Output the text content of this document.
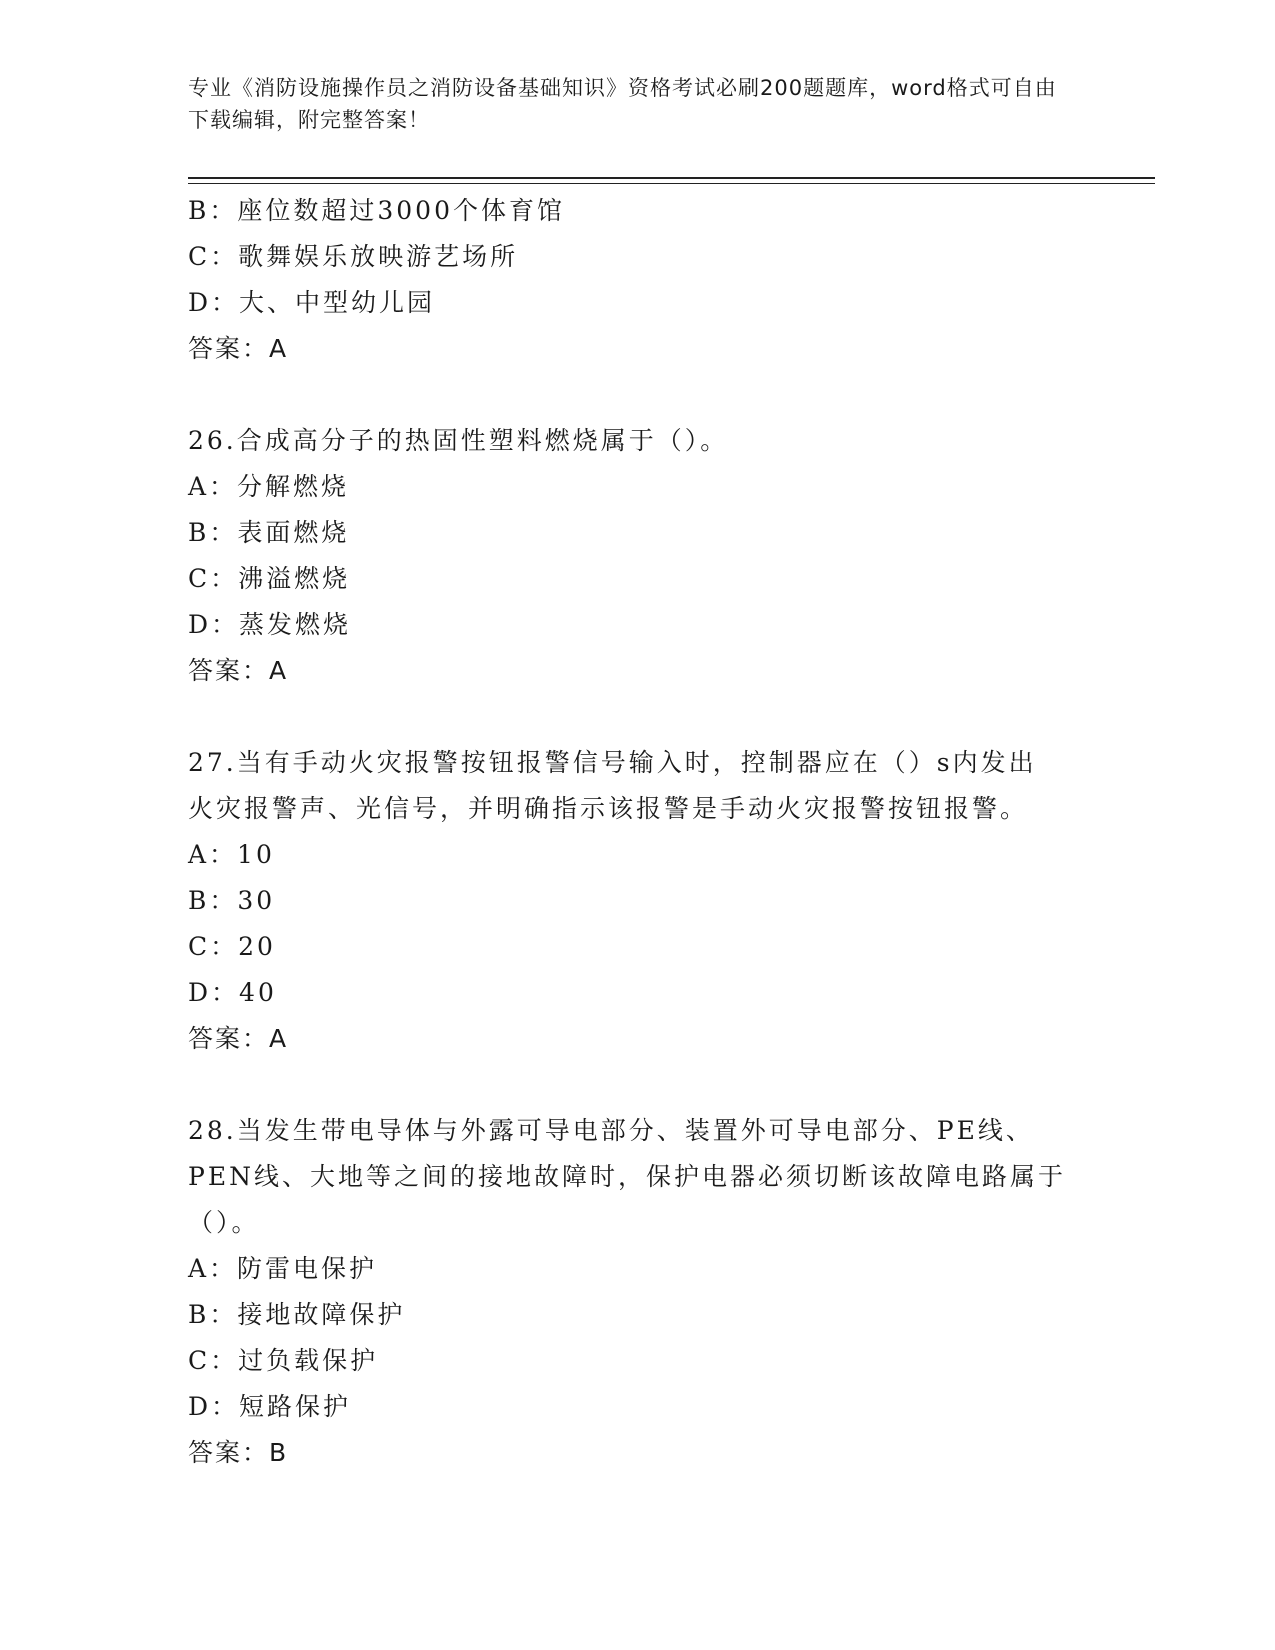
专业《消防设施操作员之消防设备基础知识》资格考试必刷200题题库，word格式可自由下载编辑，附完整答案！
B：座位数超过3000个体育馆
C：歌舞娱乐放映游艺场所
D：大、中型幼儿园
答案：A
26.合成高分子的热固性塑料燃烧属于（）。
A：分解燃烧
B：表面燃烧
C：沸溢燃烧
D：蒸发燃烧
答案：A
27.当有手动火灾报警按钮报警信号输入时，控制器应在（）s内发出
火灾报警声、光信号，并明确指示该报警是手动火灾报警按钮报警。
A：10
B：30
C：20
D：40
答案：A
28.当发生带电导体与外露可导电部分、装置外可导电部分、PE线、
PEN线、大地等之间的接地故障时，保护电器必须切断该故障电路属于
（）。
A：防雷电保护
B：接地故障保护
C：过负载保护
D：短路保护
答案：B
